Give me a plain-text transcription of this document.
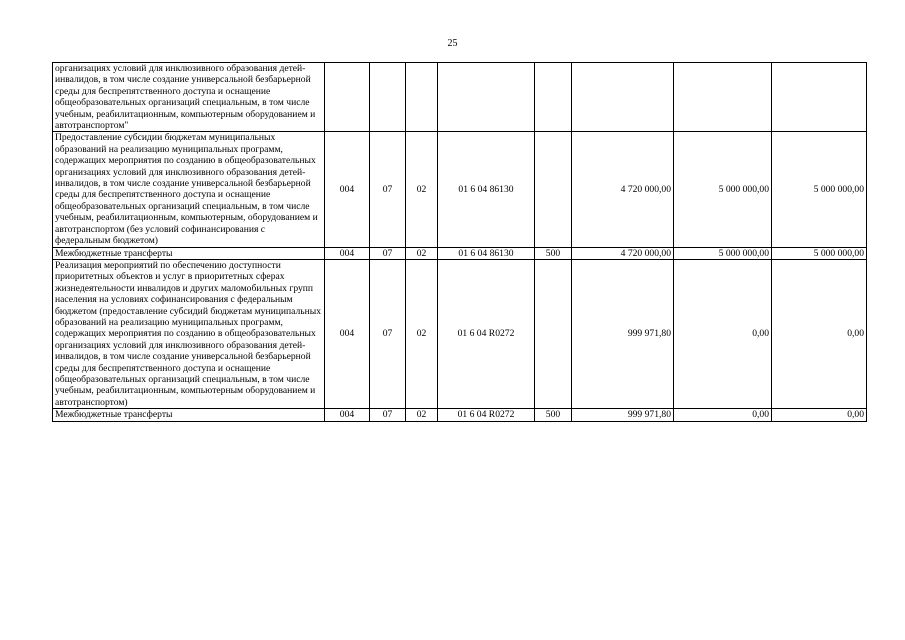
25
организациях условий для инклюзивного образования детей-инвалидов, в том числе создание универсальной безбарьерной среды для беспрепятственного доступа и оснащение общеобразовательных организаций специальным, в том числе учебным, реабилитационным, компьютерным оборудованием и автотранспортом"								
Предоставление субсидии бюджетам муниципальных образований на реализацию муниципальных программ, содержащих мероприятия по созданию в общеобразовательных организациях условий для инклюзивного образования детей-инвалидов, в том числе создание универсальной безбарьерной среды для беспрепятственного доступа и оснащение общеобразовательных организаций специальным, в том числе учебным, реабилитационным, компьютерным, оборудованием и автотранспортом (без условий софинансирования с федеральным бюджетом)	004	07	02	01 6 04 86130		4 720 000,00	5 000 000,00	5 000 000,00
Межбюджетные трансферты	004	07	02	01 6 04 86130	500	4 720 000,00	5 000 000,00	5 000 000,00
Реализация мероприятий по обеспечению доступности приоритетных объектов и услуг в приоритетных сферах жизнедеятельности инвалидов и других маломобильных групп населения на условиях софинансирования с федеральным бюджетом (предоставление субсидий бюджетам муниципальных образований на реализацию муниципальных программ, содержащих мероприятия по созданию в общеобразовательных организациях условий для инклюзивного образования детей-инвалидов, в том числе создание универсальной безбарьерной среды для беспрепятственного доступа и оснащение общеобразовательных организаций специальным, в том числе учебным, реабилитационным, компьютерным оборудованием и автотранспортом)	004	07	02	01 6 04 R0272		999 971,80	0,00	0,00
Межбюджетные трансферты	004	07	02	01 6 04 R0272	500	999 971,80	0,00	0,00
